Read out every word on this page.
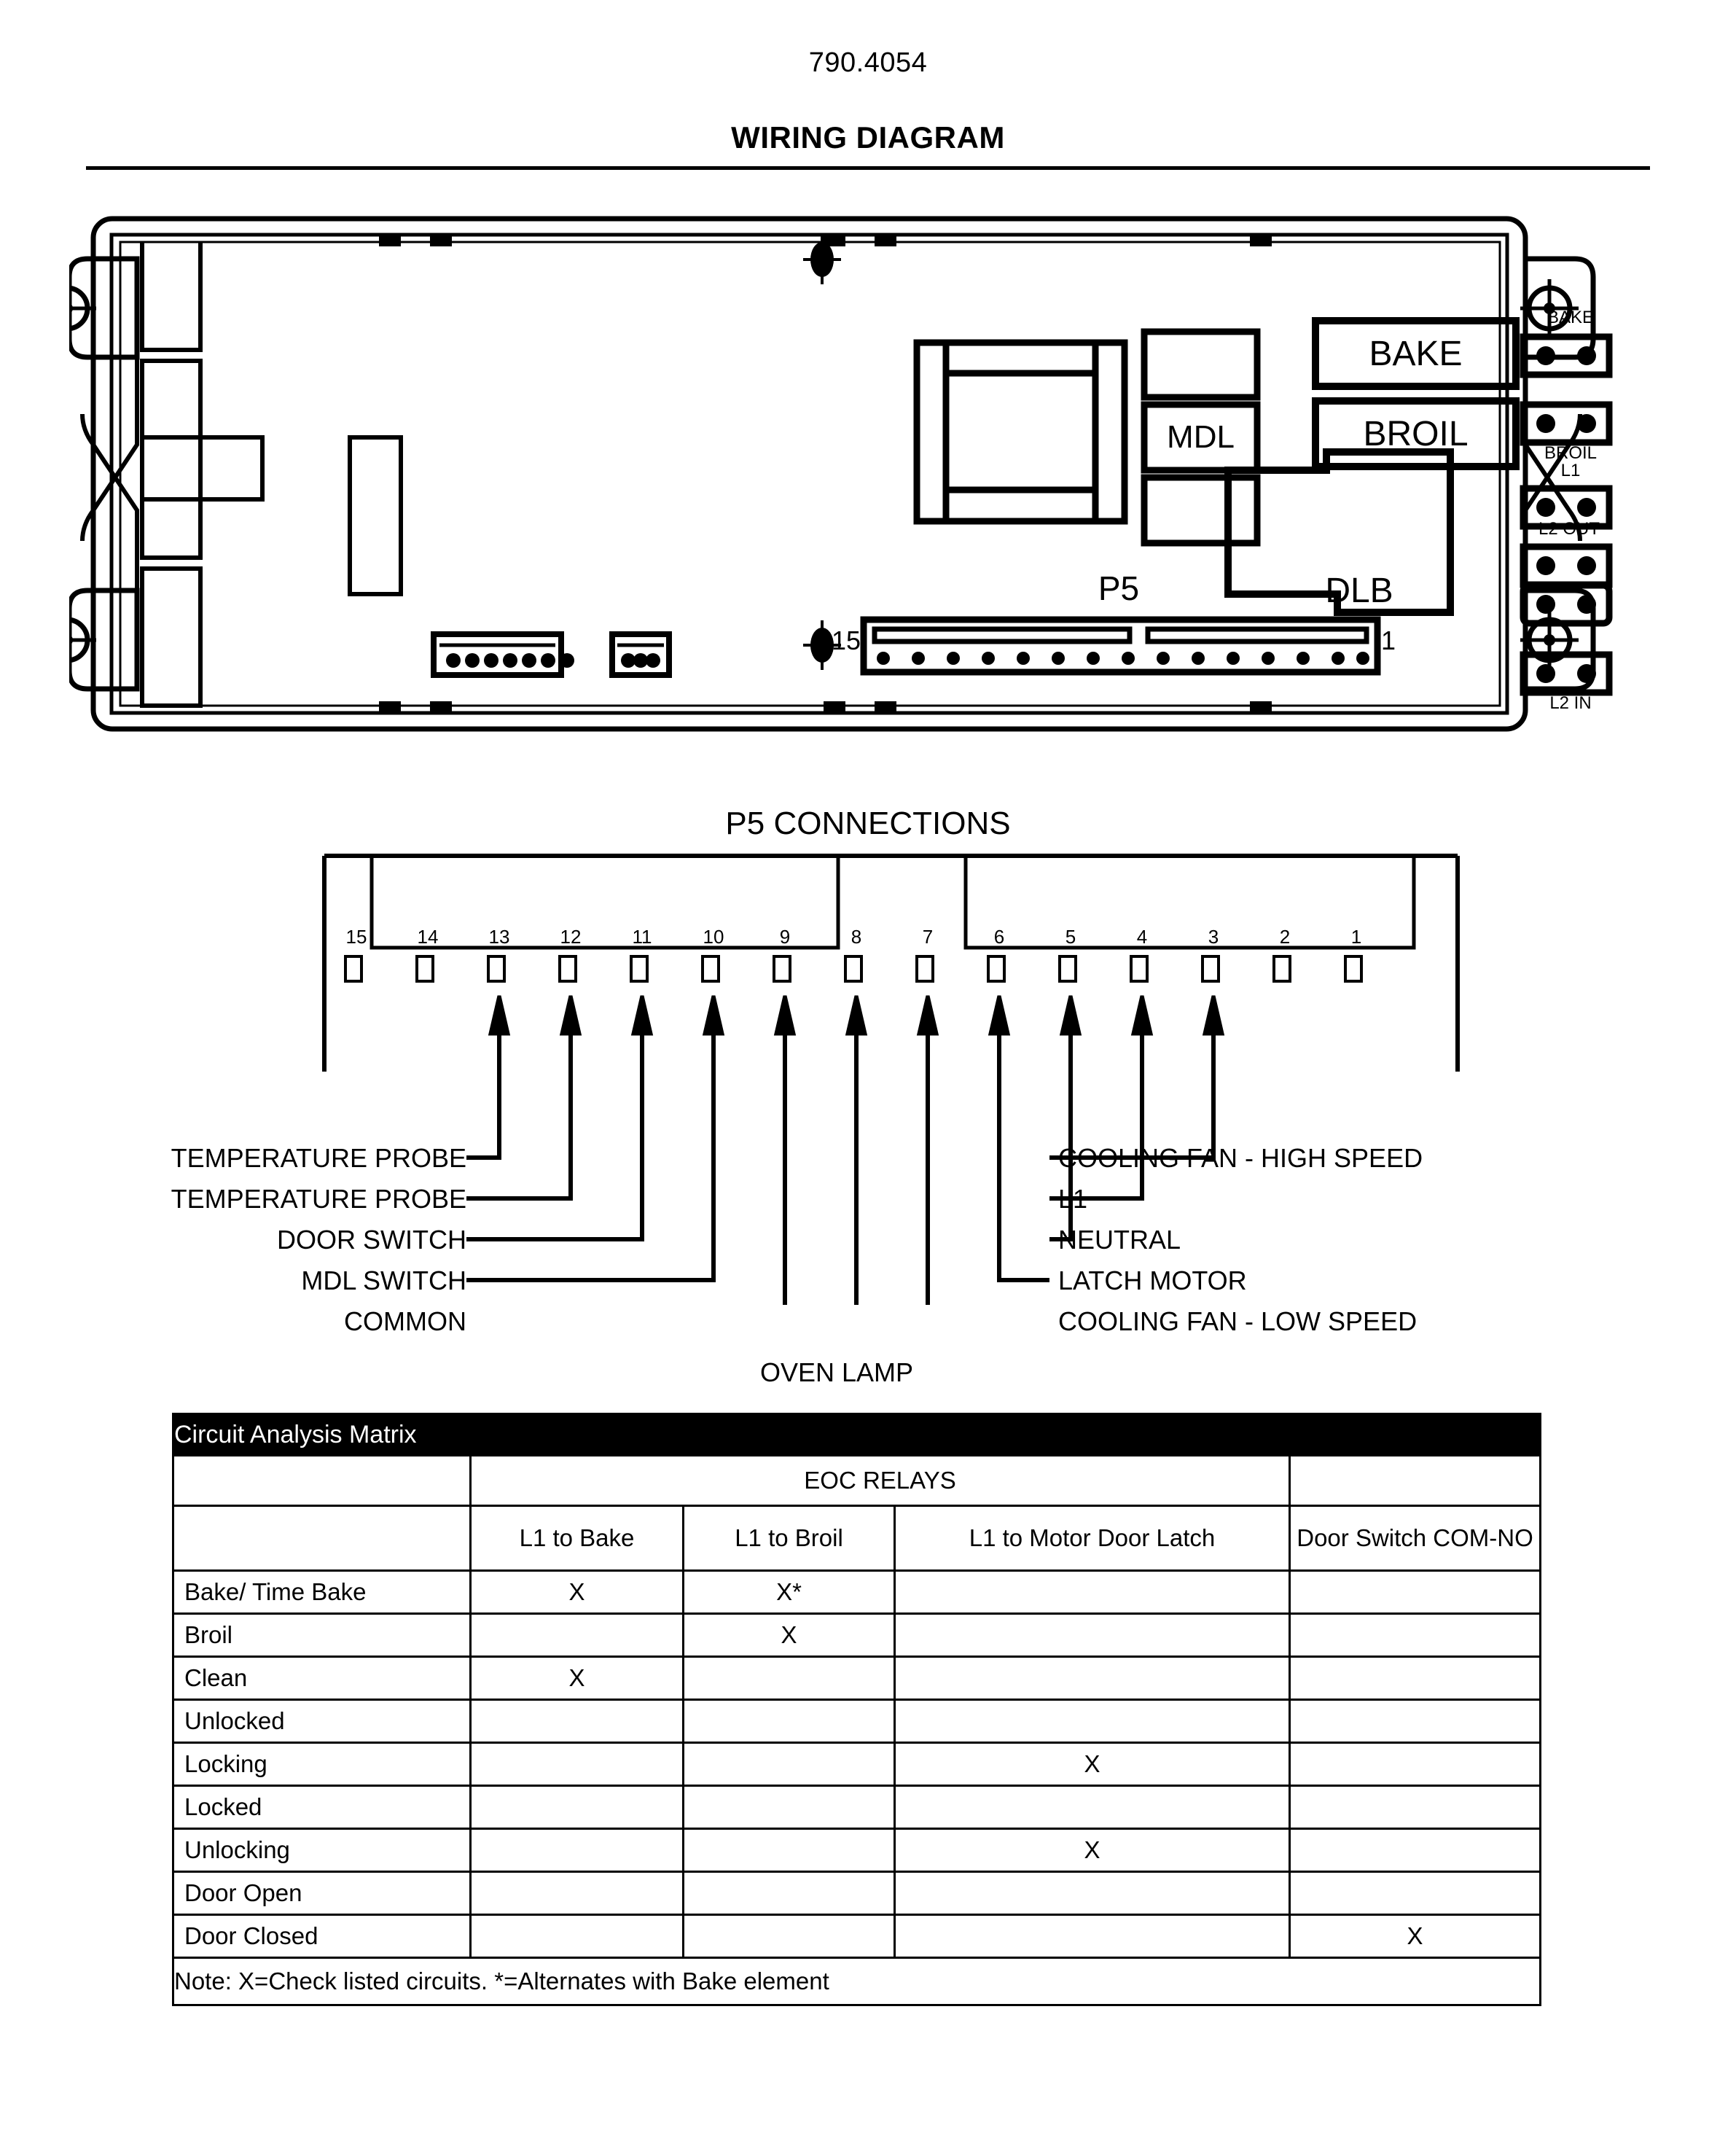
790.4054
WIRING DIAGRAM
BAKE
BROIL
MDL
DLB
BAKE
BROIL
L1
L2 OUT
L2 IN
P5
15	1
P5 CONNECTIONS
15	14	13	12	11	10	9	8	7	6	5	4	3	2	1
TEMPERATURE PROBE
TEMPERATURE PROBE
DOOR SWITCH
MDL SWITCH
COMMON
OVEN LAMP
COOLING FAN - HIGH SPEED
L1
NEUTRAL
LATCH MOTOR
COOLING FAN - LOW SPEED
Circuit Analysis Matrix				
	EOC RELAYS			
	L1 to Bake	L1 to Broil	L1 to Motor Door Latch	Door Switch COM-NO
Bake/ Time Bake	X	X*		
Broil		X		
Clean	X			
Unlocked				
Locking			X	
Locked				
Unlocking			X	
Door Open				
Door Closed				X
Note: X=Check listed circuits. *=Alternates with Bake element				
